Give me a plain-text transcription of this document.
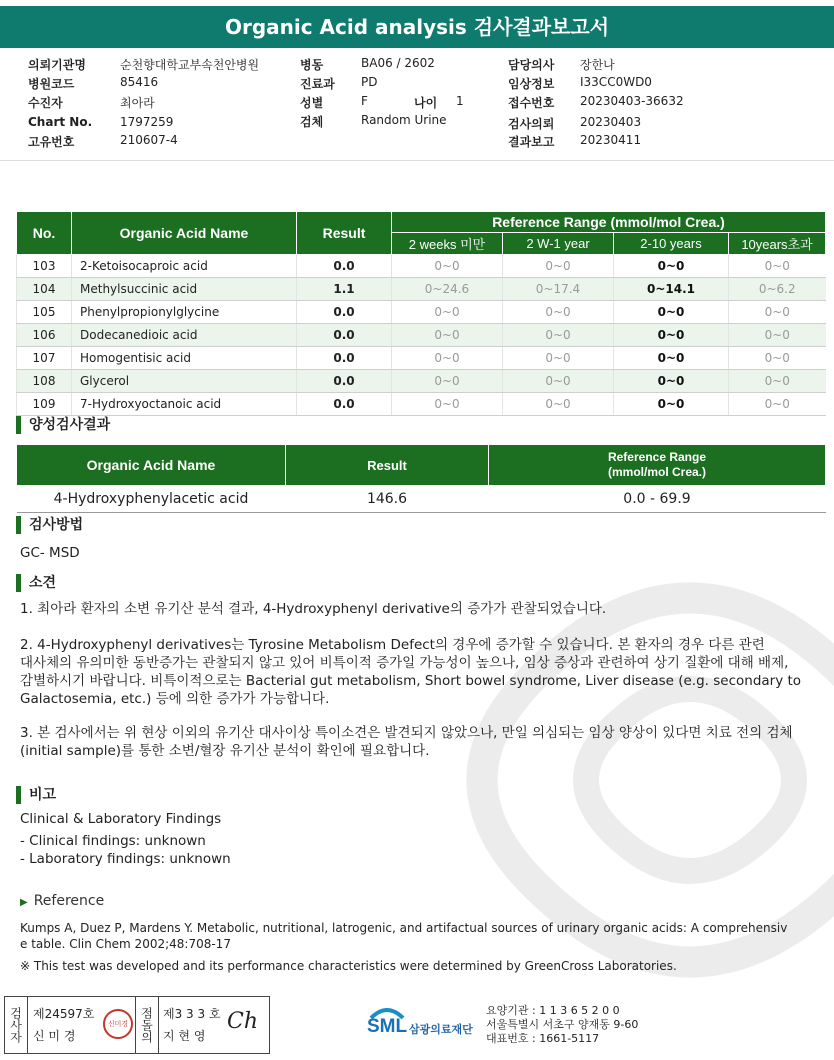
Organic Acid analysis 검사결과보고서
의뢰기관명	순천향대학교부속천안병원
병원코드	85416
수진자	최아라
Chart No. 1797259
고유번호	210607-4
병동	BA06 / 2602
진료과 PD
성별	F	나이 1
검체	Random Urine
담당의사 장한나
임상정보 I33CC0WD0
접수번호 20230403-36632
검사의뢰 20230403
결과보고 20230411
No.	Organic Acid Name	Result	Reference Range (mmol/mol Crea.)			
			2 weeks 미만	2 W-1 year	2-10 years	10years초과
103	2-Ketoisocaproic acid	0.0	0~0	0~0	0~0	0~0
104	Methylsuccinic acid	1.1	0~24.6	0~17.4	0~14.1	0~6.2
105	Phenylpropionylglycine	0.0	0~0	0~0	0~0	0~0
106	Dodecanedioic acid	0.0	0~0	0~0	0~0	0~0
107	Homogentisic acid	0.0	0~0	0~0	0~0	0~0
108	Glycerol	0.0	0~0	0~0	0~0	0~0
109	7-Hydroxyoctanoic acid	0.0	0~0	0~0	0~0	0~0
양성검사결과
Organic Acid Name	Result	Reference Range
(mmol/mol Crea.)

4-Hydroxyphenylacetic acid	146.6	0.0 - 69.9
검사방법
GC- MSD
소견
1. 최아라 환자의 소변 유기산 분석 결과, 4-Hydroxyphenyl derivative의 증가가 관찰되었습니다.
2. 4-Hydroxyphenyl derivatives는 Tyrosine Metabolism Defect의 경우에 증가할 수 있습니다. 본 환자의 경우 다른 관련
대사체의 유의미한 동반증가는 관찰되지 않고 있어 비특이적 증가일 가능성이 높으나, 임상 증상과 관련하여 상기 질환에 대해 배제,
감별하시기 바랍니다. 비특이적으로는 Bacterial gut metabolism, Short bowel syndrome, Liver disease (e.g. secondary to
Galactosemia, etc.) 등에 의한 증가가 가능합니다.
3. 본 검사에서는 위 현상 이외의 유기산 대사이상 특이소견은 발견되지 않았으나, 만일 의심되는 임상 양상이 있다면 치료 전의 검체
(initial sample)를 통한 소변/혈장 유기산 분석이 확인에 필요합니다.
비고
Clinical & Laboratory Findings
- Clinical findings: unknown
- Laboratory findings: unknown
▶ Reference
Kumps A, Duez P, Mardens Y. Metabolic, nutritional, latrogenic, and artifactual sources of urinary organic acids: A comprehensiv
e table. Clin Chem 2002;48:708-17
※ This test was developed and its performance characteristics were determined by GreenCross Laboratories.
검사자 제24597호
신 미 경
신미경 점돌의 제3 3 3 호
지 현 영
Ch	SML 삼광의료재단
요양기관 : 1 1 3 6 5 2 0 0
서울특별시 서초구 양재동 9-60
대표번호 : 1661-5117
